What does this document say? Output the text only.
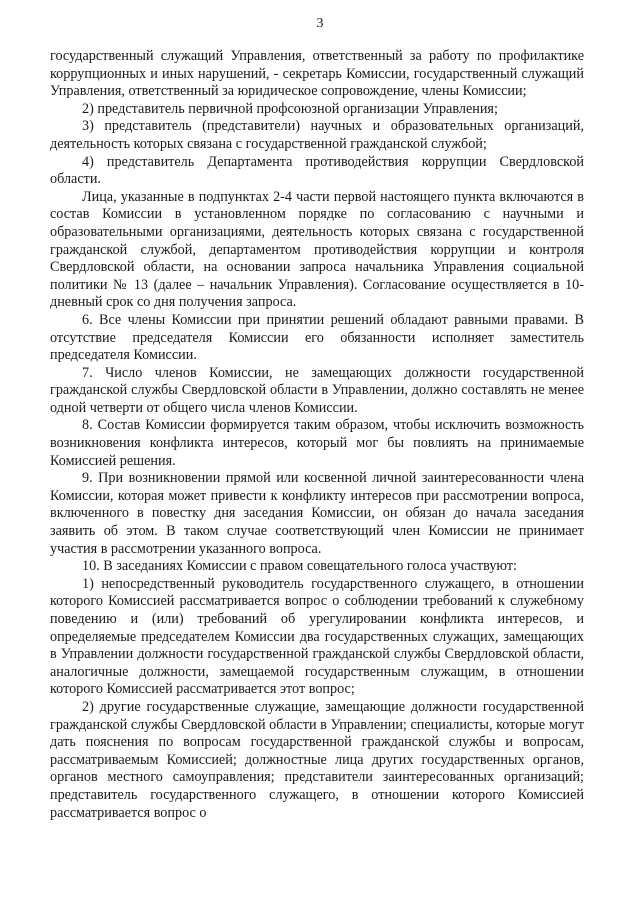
3

государственный служащий Управления, ответственный за работу по профилактике коррупционных и иных нарушений, - секретарь Комиссии, государственный служащий Управления, ответственный за юридическое сопровождение, члены Комиссии;

2) представитель первичной профсоюзной организации Управления;

3) представитель (представители) научных и образовательных организаций, деятельность которых связана с государственной гражданской службой;

4) представитель Департамента противодействия коррупции Свердловской области.

Лица, указанные в подпунктах 2-4 части первой настоящего пункта включаются в состав Комиссии в установленном порядке по согласованию с научными и образовательными организациями, деятельность которых связана с государственной гражданской службой, департаментом противодействия коррупции и контроля Свердловской области, на основании запроса начальника Управления социальной политики № 13 (далее – начальник Управления). Согласование осуществляется в 10-дневный срок со дня получения запроса.

6. Все члены Комиссии при принятии решений обладают равными правами. В отсутствие председателя Комиссии его обязанности исполняет заместитель председателя Комиссии.

7. Число членов Комиссии, не замещающих должности государственной гражданской службы Свердловской области в Управлении, должно составлять не менее одной четверти от общего числа членов Комиссии.

8. Состав Комиссии формируется таким образом, чтобы исключить возможность возникновения конфликта интересов, который мог бы повлиять на принимаемые Комиссией решения.

9. При возникновении прямой или косвенной личной заинтересованности члена Комиссии, которая может привести к конфликту интересов при рассмотрении вопроса, включенного в повестку дня заседания Комиссии, он обязан до начала заседания заявить об этом. В таком случае соответствующий член Комиссии не принимает участия в рассмотрении указанного вопроса.

10. В заседаниях Комиссии с правом совещательного голоса участвуют:

1) непосредственный руководитель государственного служащего, в отношении которого Комиссией рассматривается вопрос о соблюдении требований к служебному поведению и (или) требований об урегулировании конфликта интересов, и определяемые председателем Комиссии два государственных служащих, замещающих в Управлении должности государственной гражданской службы Свердловской области, аналогичные должности, замещаемой государственным служащим, в отношении которого Комиссией рассматривается этот вопрос;

2) другие государственные служащие, замещающие должности государственной гражданской службы Свердловской области в Управлении; специалисты, которые могут дать пояснения по вопросам государственной гражданской службы и вопросам, рассматриваемым Комиссией; должностные лица других государственных органов, органов местного самоуправления; представители заинтересованных организаций; представитель государственного служащего, в отношении которого Комиссией рассматривается вопрос о
